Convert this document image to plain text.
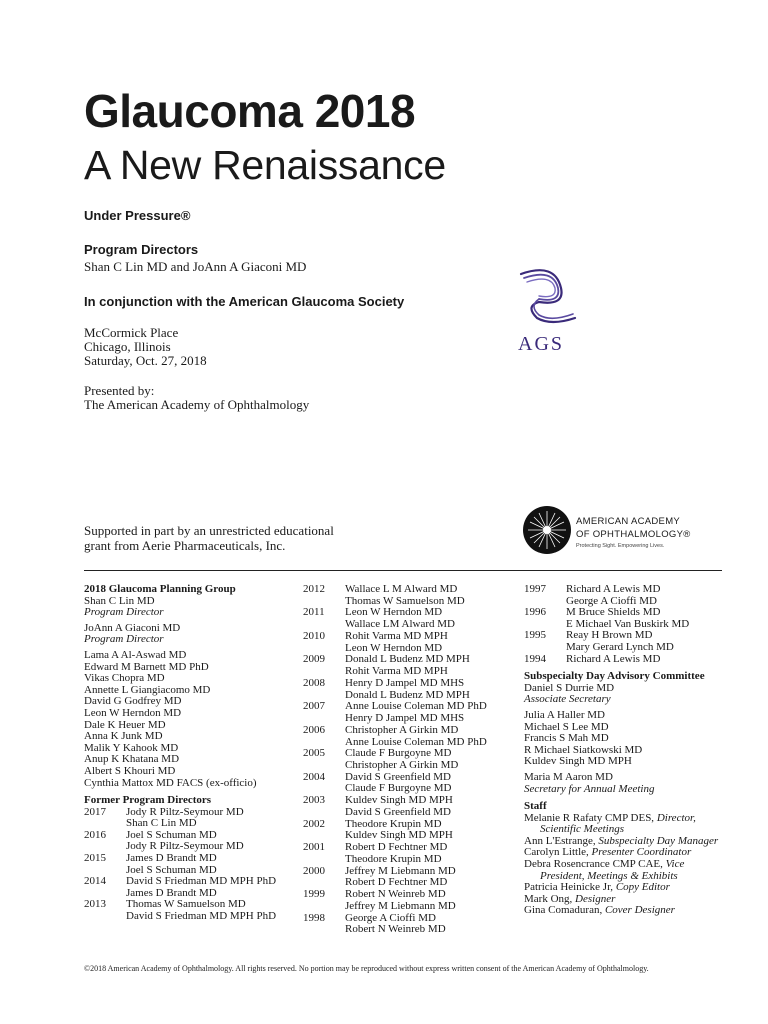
Glaucoma 2018
A New Renaissance
Under Pressure®
Program Directors
Shan C Lin MD and JoAnn A Giaconi MD
In conjunction with the American Glaucoma Society
McCormick Place
Chicago, Illinois
Saturday, Oct. 27, 2018
Presented by:
The American Academy of Ophthalmology
Supported in part by an unrestricted educational
grant from Aerie Pharmaceuticals, Inc.
AGS
AMERICAN ACADEMY
OF OPHTHALMOLOGY®
Protecting Sight. Empowering Lives.
2018 Glaucoma Planning Group
Shan C Lin MD
Program Director
JoAnn A Giaconi MD
Program Director
Lama A Al-Aswad MD
Edward M Barnett MD PhD
Vikas Chopra MD
Annette L Giangiacomo MD
David G Godfrey MD
Leon W Herndon MD
Dale K Heuer MD
Anna K Junk MD
Malik Y Kahook MD
Anup K Khatana MD
Albert S Khouri MD
Cynthia Mattox MD FACS (ex-officio)
Former Program Directors
2017	Jody R Piltz-Seymour MD
Shan C Lin MD
2016	Joel S Schuman MD
Jody R Piltz-Seymour MD
2015	James D Brandt MD
Joel S Schuman MD
2014	David S Friedman MD MPH PhD
James D Brandt MD
2013	Thomas W Samuelson MD
David S Friedman MD MPH PhD
2012	Wallace L M Alward MD
Thomas W Samuelson MD
2011	Leon W Herndon MD
Wallace LM Alward MD
2010	Rohit Varma MD MPH
Leon W Herndon MD
2009	Donald L Budenz MD MPH
Rohit Varma MD MPH
2008	Henry D Jampel MD MHS
Donald L Budenz MD MPH
2007	Anne Louise Coleman MD PhD
Henry D Jampel MD MHS
2006	Christopher A Girkin MD
Anne Louise Coleman MD PhD
2005	Claude F Burgoyne MD
Christopher A Girkin MD
2004	David S Greenfield MD
Claude F Burgoyne MD
2003	Kuldev Singh MD MPH
David S Greenfield MD
2002	Theodore Krupin MD
Kuldev Singh MD MPH
2001	Robert D Fechtner MD
Theodore Krupin MD
2000	Jeffrey M Liebmann MD
Robert D Fechtner MD
1999	Robert N Weinreb MD
Jeffrey M Liebmann MD
1998	George A Cioffi MD
Robert N Weinreb MD
1997	Richard A Lewis MD
George A Cioffi MD
1996	M Bruce Shields MD
E Michael Van Buskirk MD
1995	Reay H Brown MD
Mary Gerard Lynch MD
1994	Richard A Lewis MD
Subspecialty Day Advisory Committee
Daniel S Durrie MD
Associate Secretary
Julia A Haller MD
Michael S Lee MD
Francis S Mah MD
R Michael Siatkowski MD
Kuldev Singh MD MPH
Maria M Aaron MD
Secretary for Annual Meeting
Staff
Melanie R Rafaty CMP DES, Director,
Scientific Meetings
Ann L'Estrange, Subspecialty Day Manager
Carolyn Little, Presenter Coordinator
Debra Rosencrance CMP CAE, Vice
President, Meetings & Exhibits
Patricia Heinicke Jr, Copy Editor
Mark Ong, Designer
Gina Comaduran, Cover Designer
©2018 American Academy of Ophthalmology. All rights reserved. No portion may be reproduced without express written consent of the American Academy of Ophthalmology.
